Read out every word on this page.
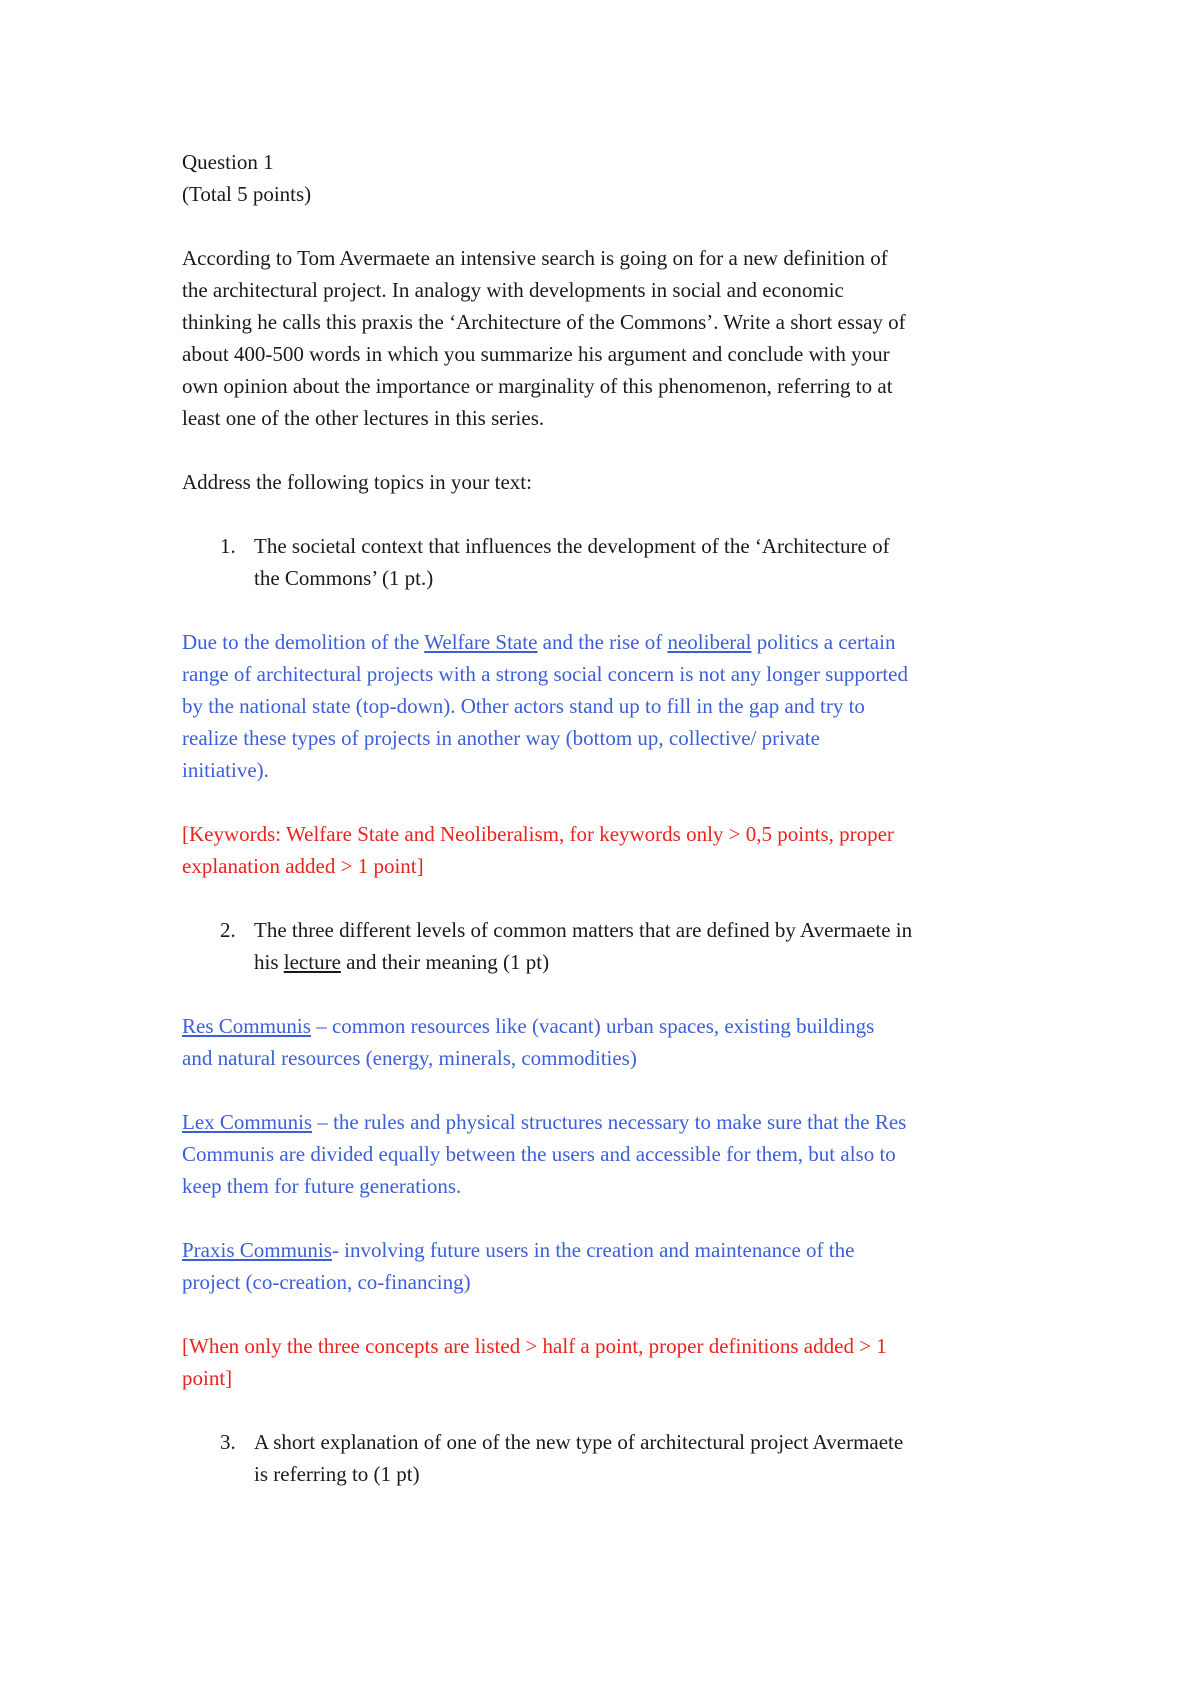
Question 1
(Total 5 points)
According to Tom Avermaete an intensive search is going on for a new definition of
the architectural project. In analogy with developments in social and economic
thinking he calls this praxis the ‘Architecture of the Commons’. Write a short essay of
about 400-500 words in which you summarize his argument and conclude with your
own opinion about the importance or marginality of this phenomenon, referring to at
least one of the other lectures in this series.
Address the following topics in your text:
1. The societal context that influences the development of the ‘Architecture of
the Commons’ (1 pt.)
Due to the demolition of the Welfare State and the rise of neoliberal politics a certain
range of architectural projects with a strong social concern is not any longer supported
by the national state (top-down). Other actors stand up to fill in the gap and try to
realize these types of projects in another way (bottom up, collective/ private
initiative).
[Keywords: Welfare State and Neoliberalism, for keywords only > 0,5 points, proper
explanation added > 1 point]
2. The three different levels of common matters that are defined by Avermaete in
his lecture and their meaning (1 pt)
Res Communis – common resources like (vacant) urban spaces, existing buildings
and natural resources (energy, minerals, commodities)
Lex Communis – the rules and physical structures necessary to make sure that the Res
Communis are divided equally between the users and accessible for them, but also to
keep them for future generations.
Praxis Communis- involving future users in the creation and maintenance of the
project (co-creation, co-financing)
[When only the three concepts are listed > half a point, proper definitions added > 1
point]
3. A short explanation of one of the new type of architectural project Avermaete
is referring to (1 pt)
